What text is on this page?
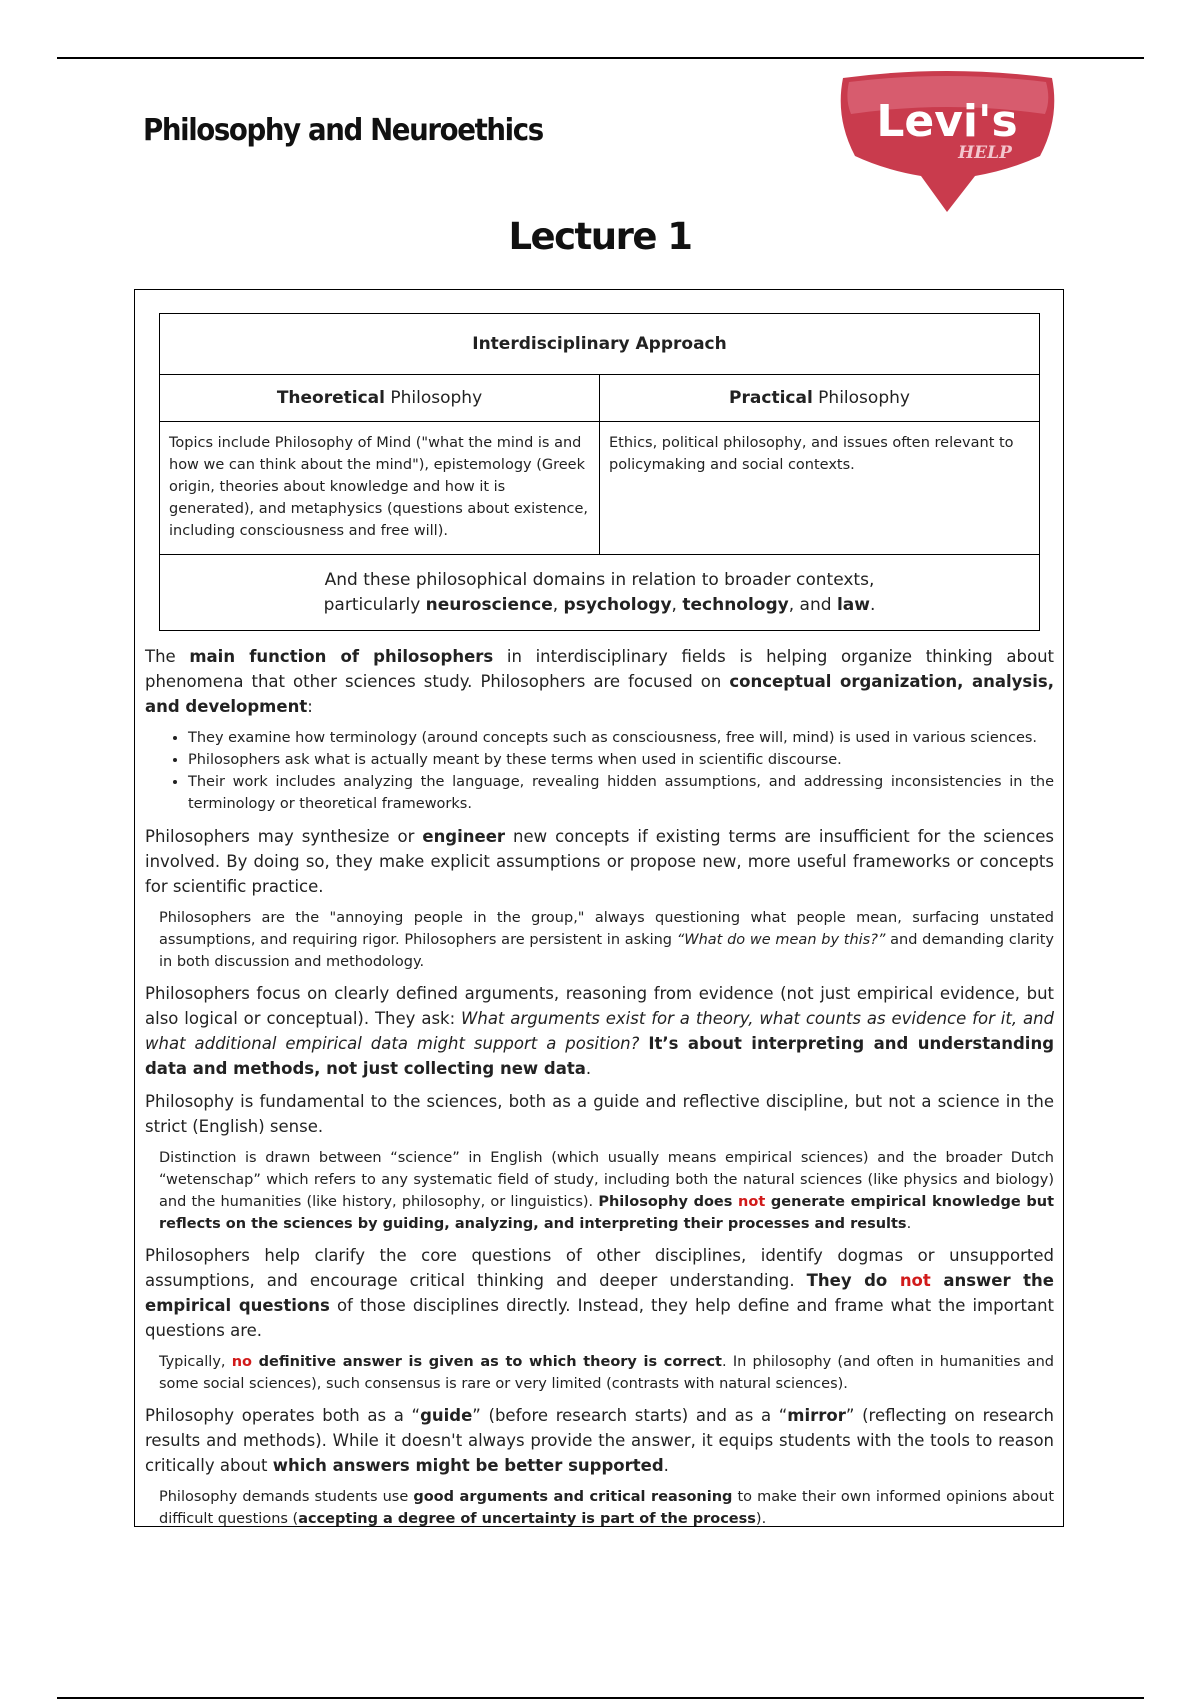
Philosophy and Neuroethics	Levi's
HELP
Lecture 1
Interdisciplinary Approach	
Theoretical Philosophy	Practical Philosophy
Topics include Philosophy of Mind ("what the mind is and how we can think about the mind"), epistemology (Greek origin, theories about knowledge and how it is generated), and metaphysics (questions about existence, including consciousness and free will).	Ethics, political philosophy, and issues often relevant to policymaking and social contexts.
And these philosophical domains in relation to broader contexts,
particularly neuroscience, psychology, technology, and law.	

The main function of philosophers in interdisciplinary fields is helping organize thinking about phenomena that other sciences study. Philosophers are focused on conceptual organization, analysis, and development:

• They examine how terminology (around concepts such as consciousness, free will, mind) is used in various sciences.
• Philosophers ask what is actually meant by these terms when used in scientific discourse.
• Their work includes analyzing the language, revealing hidden assumptions, and addressing inconsistencies in the terminology or theoretical frameworks.

Philosophers may synthesize or engineer new concepts if existing terms are insufficient for the sciences involved. By doing so, they make explicit assumptions or propose new, more useful frameworks or concepts for scientific practice.

Philosophers are the "annoying people in the group," always questioning what people mean, surfacing unstated assumptions, and requiring rigor. Philosophers are persistent in asking “What do we mean by this?” and demanding clarity in both discussion and methodology.

Philosophers focus on clearly defined arguments, reasoning from evidence (not just empirical evidence, but also logical or conceptual). They ask: What arguments exist for a theory, what counts as evidence for it, and what additional empirical data might support a position? It’s about interpreting and understanding data and methods, not just collecting new data.

Philosophy is fundamental to the sciences, both as a guide and reflective discipline, but not a science in the strict (English) sense.

Distinction is drawn between “science” in English (which usually means empirical sciences) and the broader Dutch “wetenschap” which refers to any systematic field of study, including both the natural sciences (like physics and biology) and the humanities (like history, philosophy, or linguistics). Philosophy does not generate empirical knowledge but reflects on the sciences by guiding, analyzing, and interpreting their processes and results.

Philosophers help clarify the core questions of other disciplines, identify dogmas or unsupported assumptions, and encourage critical thinking and deeper understanding. They do not answer the empirical questions of those disciplines directly. Instead, they help define and frame what the important questions are.

Typically, no definitive answer is given as to which theory is correct. In philosophy (and often in humanities and some social sciences), such consensus is rare or very limited (contrasts with natural sciences).

Philosophy operates both as a “guide” (before research starts) and as a “mirror” (reflecting on research results and methods). While it doesn't always provide the answer, it equips students with the tools to reason critically about which answers might be better supported.

Philosophy demands students use good arguments and critical reasoning to make their own informed opinions about difficult questions (accepting a degree of uncertainty is part of the process).
